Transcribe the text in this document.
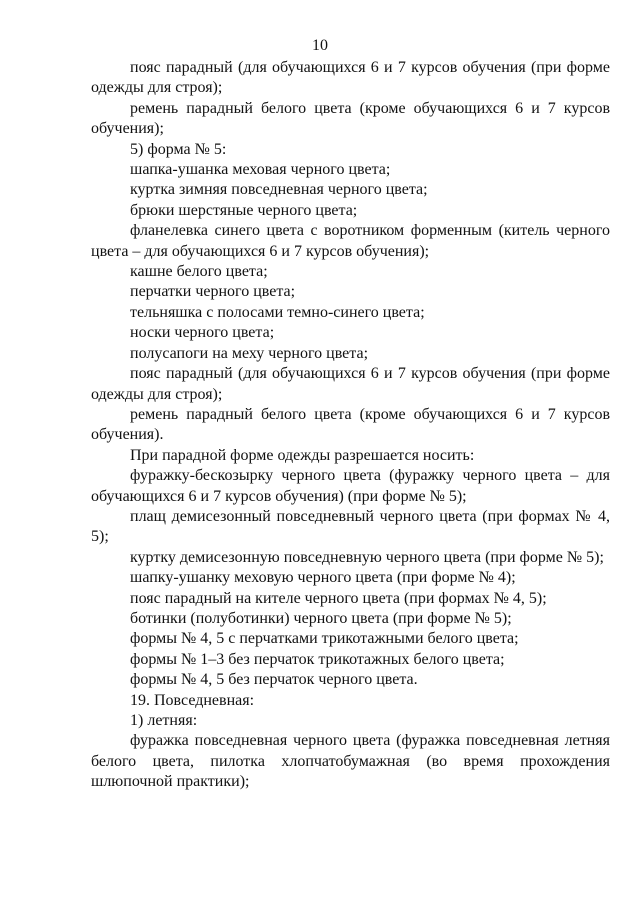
10

пояс парадный (для обучающихся 6 и 7 курсов обучения (при форме одежды для строя);

ремень парадный белого цвета (кроме обучающихся 6 и 7 курсов обучения);

5) форма № 5:

шапка-ушанка меховая черного цвета;

куртка зимняя повседневная черного цвета;

брюки шерстяные черного цвета;

фланелевка синего цвета с воротником форменным (китель черного цвета – для обучающихся 6 и 7 курсов обучения);

кашне белого цвета;

перчатки черного цвета;

тельняшка с полосами темно-синего цвета;

носки черного цвета;

полусапоги на меху черного цвета;

пояс парадный (для обучающихся 6 и 7 курсов обучения (при форме одежды для строя);

ремень парадный белого цвета (кроме обучающихся 6 и 7 курсов обучения).

При парадной форме одежды разрешается носить:

фуражку-бескозырку черного цвета (фуражку черного цвета – для обучающихся 6 и 7 курсов обучения) (при форме № 5);

плащ демисезонный повседневный черного цвета (при формах № 4, 5);

куртку демисезонную повседневную черного цвета (при форме № 5);

шапку-ушанку меховую черного цвета (при форме № 4);

пояс парадный на кителе черного цвета (при формах № 4, 5);

ботинки (полуботинки) черного цвета (при форме № 5);

формы № 4, 5 с перчатками трикотажными белого цвета;

формы № 1–3 без перчаток трикотажных белого цвета;

формы № 4, 5 без перчаток черного цвета.

19. Повседневная:

1) летняя:

фуражка повседневная черного цвета (фуражка повседневная летняя белого цвета, пилотка хлопчатобумажная (во время прохождения шлюпочной практики);
